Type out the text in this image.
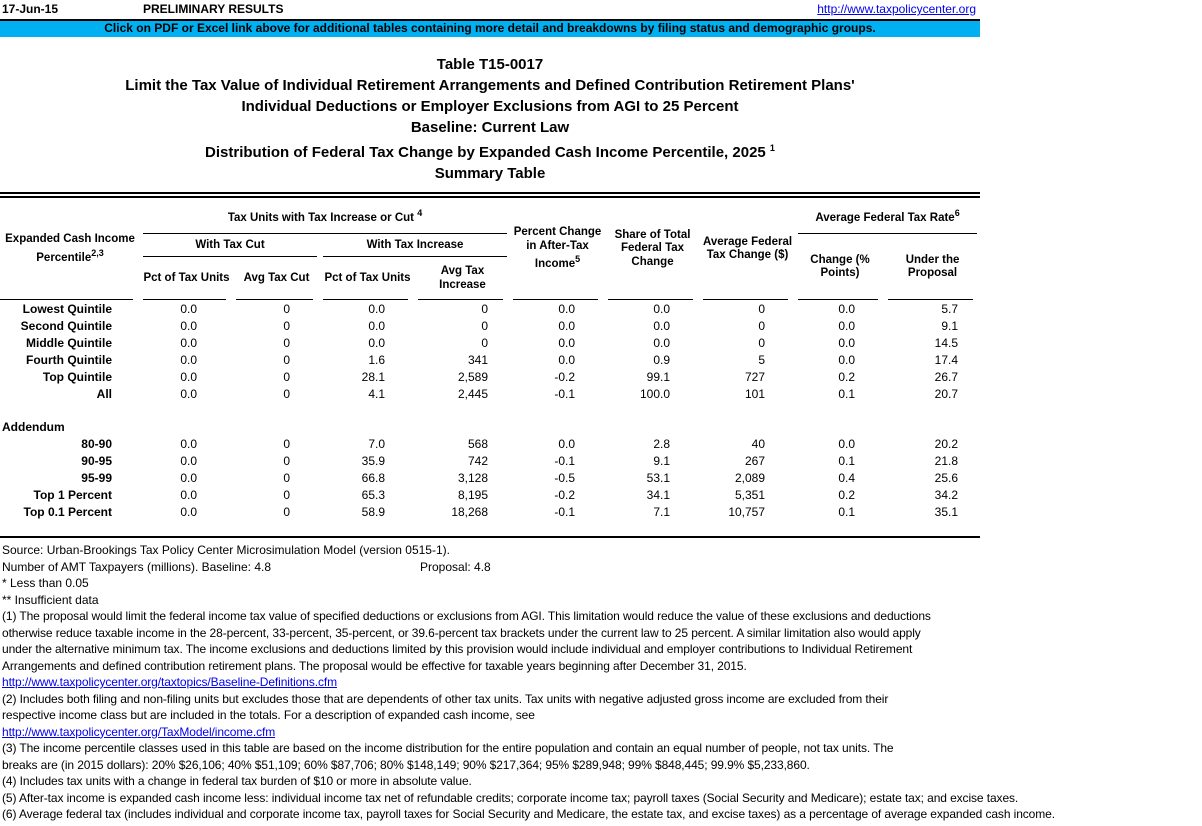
17-Jun-15	PRELIMINARY RESULTS	http://www.taxpolicycenter.org
Click on PDF or Excel link above for additional tables containing more detail and breakdowns by filing status and demographic groups.
Table T15-0017
Limit the Tax Value of Individual Retirement Arrangements and Defined Contribution Retirement Plans'
Individual Deductions or Employer Exclusions from AGI to 25 Percent
Baseline: Current Law
Distribution of Federal Tax Change by Expanded Cash Income Percentile, 2025 $^1$
Summary Table
Expanded Cash Income Percentile$^{2,3}$	Tax Units with Tax Increase or Cut $^4$				Percent Change in After-Tax Income$^5$	Share of Total Federal Tax Change	Average Federal Tax Change ($)	Average Federal Tax Rate$^6$
	With Tax Cut		With Tax Increase					Change (% Points)	Under the Proposal
	Pct of Tax Units	Avg Tax Cut	Pct of Tax Units	Avg Tax Increase					
Lowest Quintile	0.0	0	0.0	0	0.0	0.0	0	0.0	5.7
Second Quintile	0.0	0	0.0	0	0.0	0.0	0	0.0	9.1
Middle Quintile	0.0	0	0.0	0	0.0	0.0	0	0.0	14.5
Fourth Quintile	0.0	0	1.6	341	0.0	0.9	5	0.0	17.4
Top Quintile	0.0	0	28.1	2,589	-0.2	99.1	727	0.2	26.7
All	0.0	0	4.1	2,445	-0.1	100.0	101	0.1	20.7

Addendum									
80-90	0.0	0	7.0	568	0.0	2.8	40	0.0	20.2
90-95	0.0	0	35.9	742	-0.1	9.1	267	0.1	21.8
95-99	0.0	0	66.8	3,128	-0.5	53.1	2,089	0.4	25.6
Top 1 Percent	0.0	0	65.3	8,195	-0.2	34.1	5,351	0.2	34.2
Top 0.1 Percent	0.0	0	58.9	18,268	-0.1	7.1	10,757	0.1	35.1
Source: Urban-Brookings Tax Policy Center Microsimulation Model (version 0515-1).
Number of AMT Taxpayers (millions). Baseline: 4.8	Proposal: 4.8
* Less than 0.05
** Insufficient data
(1) The proposal would limit the federal income tax value of specified deductions or exclusions from AGI. This limitation would reduce the value of these exclusions and deductions
otherwise reduce taxable income in the 28-percent, 33-percent, 35-percent, or 39.6-percent tax brackets under the current law to 25 percent. A similar limitation also would apply
under the alternative minimum tax. The income exclusions and deductions limited by this provision would include individual and employer contributions to Individual Retirement
Arrangements and defined contribution retirement plans. The proposal would be effective for taxable years beginning after December 31, 2015.
http://www.taxpolicycenter.org/taxtopics/Baseline-Definitions.cfm
(2) Includes both filing and non-filing units but excludes those that are dependents of other tax units. Tax units with negative adjusted gross income are excluded from their
respective income class but are included in the totals. For a description of expanded cash income, see
http://www.taxpolicycenter.org/TaxModel/income.cfm
(3) The income percentile classes used in this table are based on the income distribution for the entire population and contain an equal number of people, not tax units. The
breaks are (in 2015 dollars): 20% $26,106; 40% $51,109; 60% $87,706; 80% $148,149; 90% $217,364; 95% $289,948; 99% $848,445; 99.9% $5,233,860.
(4) Includes tax units with a change in federal tax burden of $10 or more in absolute value.
(5) After-tax income is expanded cash income less: individual income tax net of refundable credits; corporate income tax; payroll taxes (Social Security and Medicare); estate tax; and excise taxes.
(6) Average federal tax (includes individual and corporate income tax, payroll taxes for Social Security and Medicare, the estate tax, and excise taxes) as a percentage of average expanded cash income.
